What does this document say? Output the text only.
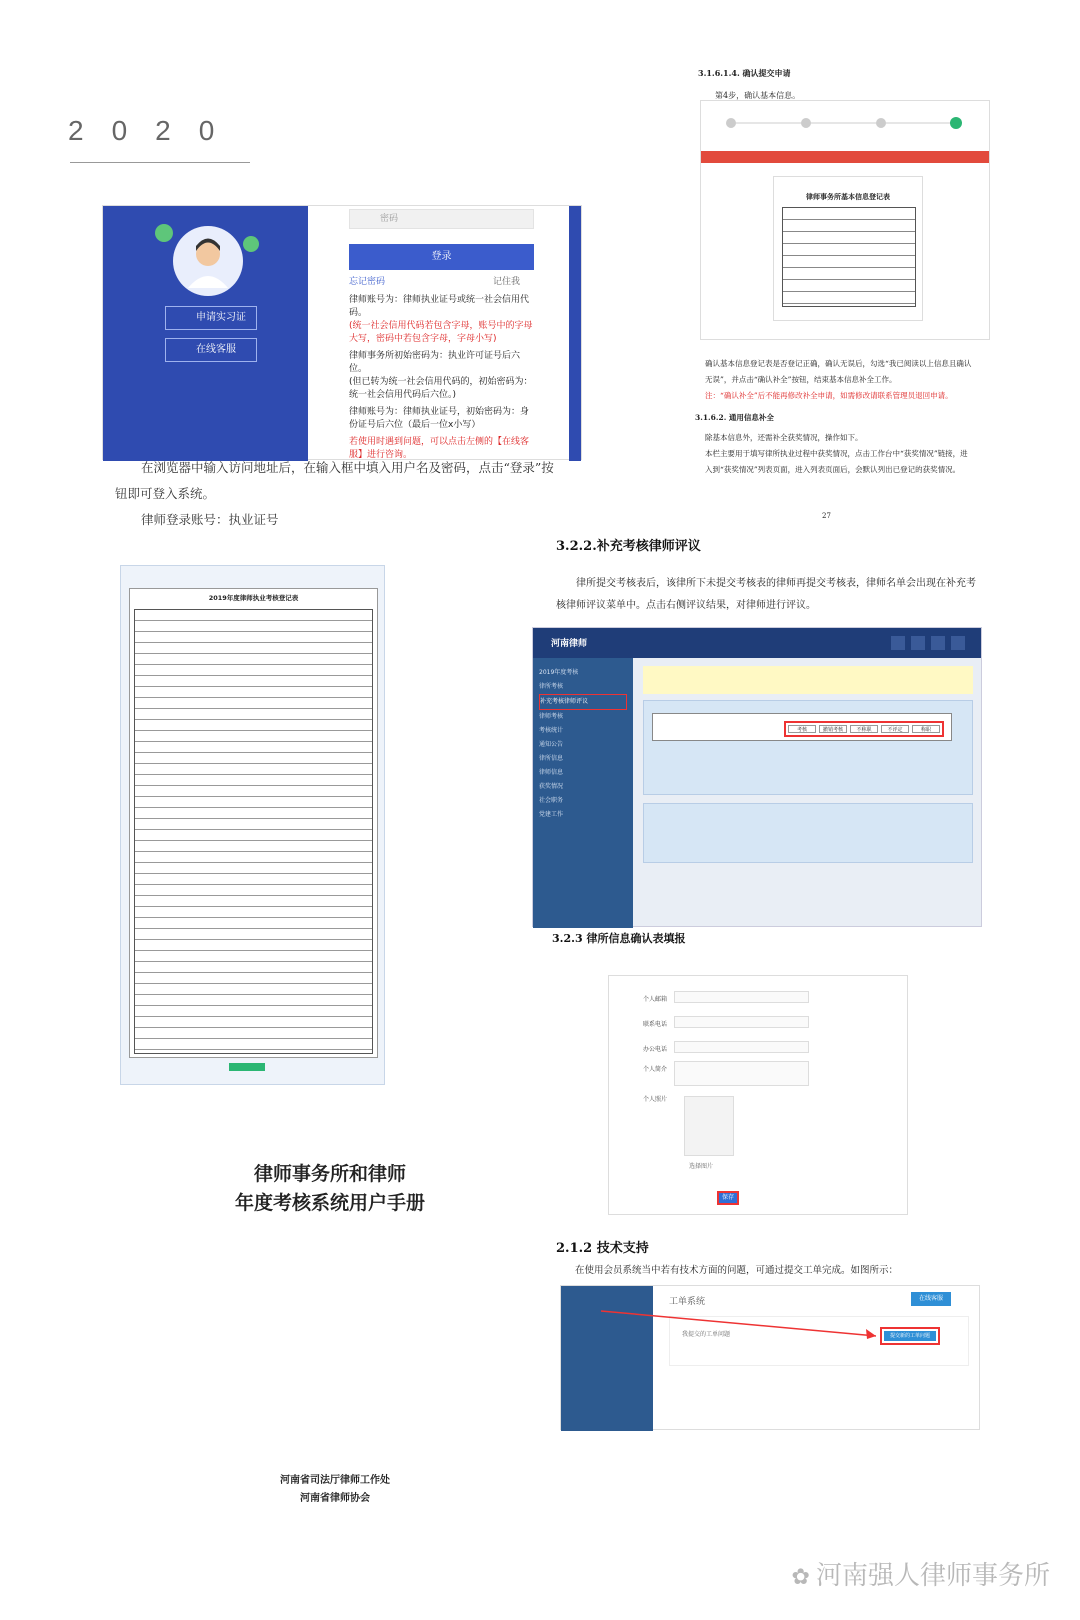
2020
申请实习证
在线客服
密码
登录
忘记密码	记住我
律师账号为：律师执业证号或统一社会信用代码。
(统一社会信用代码若包含字母，账号中的字母大写，密码中若包含字母，字母小写)
律师事务所初始密码为：执业许可证号后六位。
(但已转为统一社会信用代码的，初始密码为：统一社会信用代码后六位。)
律师账号为：律师执业证号，初始密码为：身份证号后六位（最后一位x小写）
若使用时遇到问题，可以点击左侧的【在线客服】进行咨询。
在浏览器中输入访问地址后，在输入框中填入用户名及密码，点击“登录”按
钮即可登入系统。
律师登录账号：执业证号
3.1.6.1.4. 确认提交申请
第4步，确认基本信息。
律师事务所基本信息登记表
确认基本信息登记表是否登记正确，确认无误后，勾选“我已阅读以上信息且确认无误”，并点击“确认补全”按钮，结束基本信息补全工作。
注：“确认补全”后不能再修改补全申请，如需修改请联系管理员退回申请。
3.1.6.2. 通用信息补全
除基本信息外，还需补全获奖情况，操作如下。
本栏主要用于填写律所执业过程中获奖情况，点击工作台中“获奖情况”链接，进入到“获奖情况”列表页面，进入列表页面后，会默认列出已登记的获奖情况。
27
2019年度律师执业考核登记表
3.2.2.补充考核律师评议
律所提交考核表后，该律所下未提交考核表的律师再提交考核表，律师名单会出现在补充考核律师评议菜单中。点击右侧评议结果，对律师进行评议。
河南律师
2019年度考核
律所考核
补充考核律师评议
律师考核
考核统计
通知公告
律所信息
律师信息
获奖情况
社会职务
党建工作
考核	撤销考核	不称职	不评定	称职
3.2.3 律所信息确认表填报
个人邮箱
联系电话
办公电话
个人简介
个人照片
选择图片
保存
2.1.2 技术支持
在使用会员系统当中若有技术方面的问题，可通过提交工单完成。如图所示：
工单系统	在线客服
我提交的工单问题	提交新的工单问题
律师事务所和律师
年度考核系统用户手册
河南省司法厅律师工作处
河南省律师协会
✿ 河南强人律师事务所
